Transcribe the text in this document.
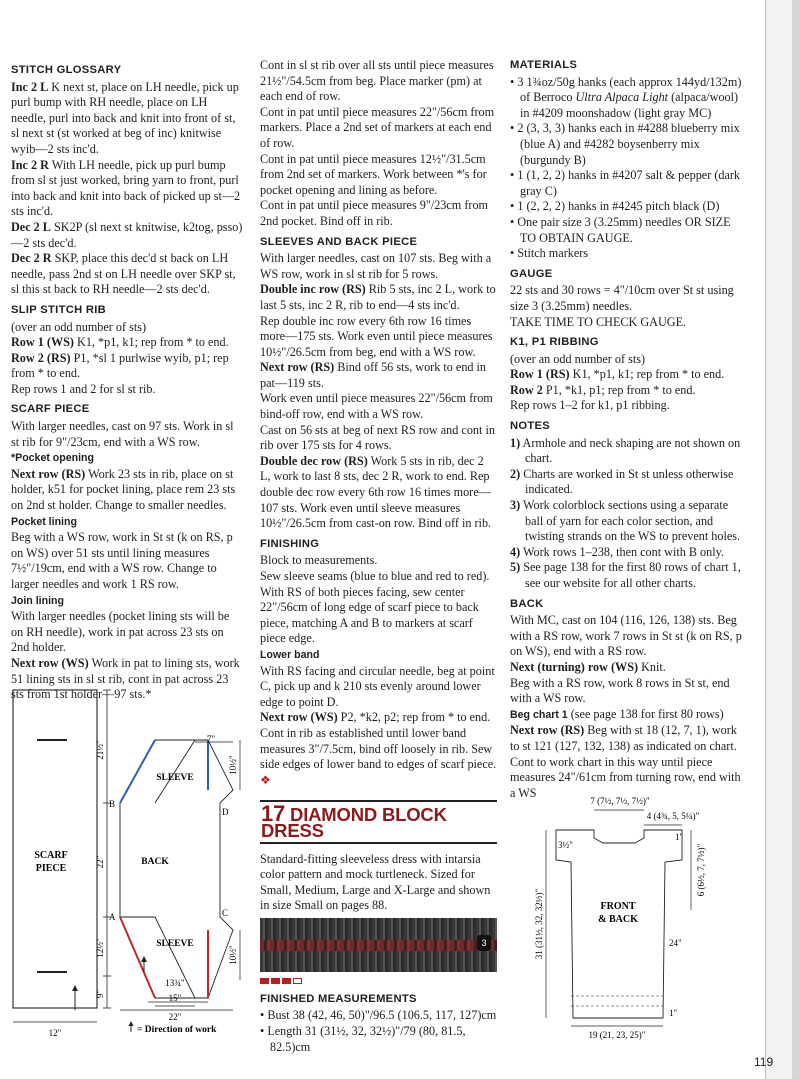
STITCH GLOSSARY

Inc 2 L K next st, place on LH needle, pick up purl bump with RH needle, place on LH needle, purl into back and knit into front of st, sl next st (st worked at beg of inc) knitwise wyib—2 sts inc'd.

Inc 2 R With LH needle, pick up purl bump from sl st just worked, bring yarn to front, purl into back and knit into back of picked up st—2 sts inc'd.

Dec 2 L SK2P (sl next st knitwise, k2tog, psso)—2 sts dec'd.

Dec 2 R SKP, place this dec'd st back on LH needle, pass 2nd st on LH needle over SKP st, sl this st back to RH needle—2 sts dec'd.

SLIP STITCH RIB

(over an odd number of sts)

Row 1 (WS) K1, *p1, k1; rep from * to end.

Row 2 (RS) P1, *sl 1 purlwise wyib, p1; rep from * to end.

Rep rows 1 and 2 for sl st rib.

SCARF PIECE

With larger needles, cast on 97 sts. Work in sl st rib for 9"/23cm, end with a WS row.

*Pocket opening

Next row (RS) Work 23 sts in rib, place on st holder, k51 for pocket lining, place rem 23 sts on 2nd st holder. Change to smaller needles.

Pocket lining

Beg with a WS row, work in St st (k on RS, p on WS) over 51 sts until lining measures 7½"/19cm, end with a WS row. Change to larger needles and work 1 RS row.

Join lining

With larger needles (pocket lining sts will be on RH needle), work in pat across 23 sts on 2nd holder.

Next row (WS) Work in pat to lining sts, work 51 lining sts in sl st rib, cont in pat across 23 sts from 1st holder—97 sts.*

SCARF
PIECE
21½"
22"
12½"
9"
12"
SLEEVE
BACK
SLEEVE
B
A
D
C
7"
10½"
10½"
13¾"
15"
22"
= Direction of work

Cont in sl st rib over all sts until piece measures 21½"/54.5cm from beg. Place marker (pm) at each end of row.

Cont in pat until piece measures 22"/56cm from markers. Place a 2nd set of markers at each end of row.

Cont in pat until piece measures 12½"/31.5cm from 2nd set of markers. Work between *'s for pocket opening and lining as before.

Cont in pat until piece measures 9"/23cm from 2nd pocket. Bind off in rib.

SLEEVES AND BACK PIECE

With larger needles, cast on 107 sts. Beg with a WS row, work in sl st rib for 5 rows.

Double inc row (RS) Rib 5 sts, inc 2 L, work to last 5 sts, inc 2 R, rib to end—4 sts inc'd.

Rep double inc row every 6th row 16 times more—175 sts. Work even until piece measures 10½"/26.5cm from beg, end with a WS row.

Next row (RS) Bind off 56 sts, work to end in pat—119 sts.

Work even until piece measures 22"/56cm from bind-off row, end with a WS row.

Cast on 56 sts at beg of next RS row and cont in rib over 175 sts for 4 rows.

Double dec row (RS) Work 5 sts in rib, dec 2 L, work to last 8 sts, dec 2 R, work to end. Rep double dec row every 6th row 16 times more—107 sts. Work even until sleeve measures 10½"/26.5cm from cast-on row. Bind off in rib.

FINISHING

Block to measurements.

Sew sleeve seams (blue to blue and red to red). With RS of both pieces facing, sew center 22"/56cm of long edge of scarf piece to back piece, matching A and B to markers at scarf piece edge.

Lower band

With RS facing and circular needle, beg at point C, pick up and k 210 sts evenly around lower edge to point D.

Next row (WS) P2, *k2, p2; rep from * to end. Cont in rib as established until lower band measures 3"/7.5cm, bind off loosely in rib. Sew side edges of lower band to edges of scarf piece. ❖

17 DIAMOND BLOCK DRESS

Standard-fitting sleeveless dress with intarsia color pattern and mock turtleneck. Sized for Small, Medium, Large and X-Large and shown in size Small on pages 88.

3
FINISHED MEASUREMENTS
• Bust 38 (42, 46, 50)"/96.5 (106.5, 117, 127)cm
• Length 31 (31½, 32, 32½)"/79 (80, 81.5, 82.5)cm
MATERIALS
• 3 1¾oz/50g hanks (each approx 144yd/132m) of Berroco Ultra Alpaca Light (alpaca/wool) in #4209 moonshadow (light gray MC)
• 2 (3, 3, 3) hanks each in #4288 blueberry mix (blue A) and #4282 boysenberry mix (burgundy B)
• 1 (1, 2, 2) hanks in #4207 salt & pepper (dark gray C)
• 1 (2, 2, 2) hanks in #4245 pitch black (D)
• One pair size 3 (3.25mm) needles OR SIZE TO OBTAIN GAUGE.
• Stitch markers
GAUGE

22 sts and 30 rows = 4"/10cm over St st using size 3 (3.25mm) needles.

TAKE TIME TO CHECK GAUGE.

K1, P1 RIBBING

(over an odd number of sts)

Row 1 (RS) K1, *p1, k1; rep from * to end.

Row 2 P1, *k1, p1; rep from * to end.

Rep rows 1–2 for k1, p1 ribbing.

NOTES
1) Armhole and neck shaping are not shown on chart.
2) Charts are worked in St st unless otherwise indicated.
3) Work colorblock sections using a separate ball of yarn for each color section, and twisting strands on the WS to prevent holes.
4) Work rows 1–238, then cont with B only.
5) See page 138 for the first 80 rows of chart 1, see our website for all other charts.
BACK

With MC, cast on 104 (116, 126, 138) sts. Beg with a RS row, work 7 rows in St st (k on RS, p on WS), end with a RS row.

Next (turning) row (WS) Knit.

Beg with a RS row, work 8 rows in St st, end with a WS row.

Beg chart 1 (see page 138 for first 80 rows)

Next row (RS) Beg with st 18 (12, 7, 1), work to st 121 (127, 132, 138) as indicated on chart.

Cont to work chart in this way until piece measures 24"/61cm from turning row, end with a WS

7 (7½, 7½, 7½)"
4 (4¾, 5, 5¼)"
FRONT
& BACK
1"
3½"	6 (6½, 7, 7½)"
31 (31½, 32, 32½)"	24"
1"
19 (21, 23, 25)"
119
